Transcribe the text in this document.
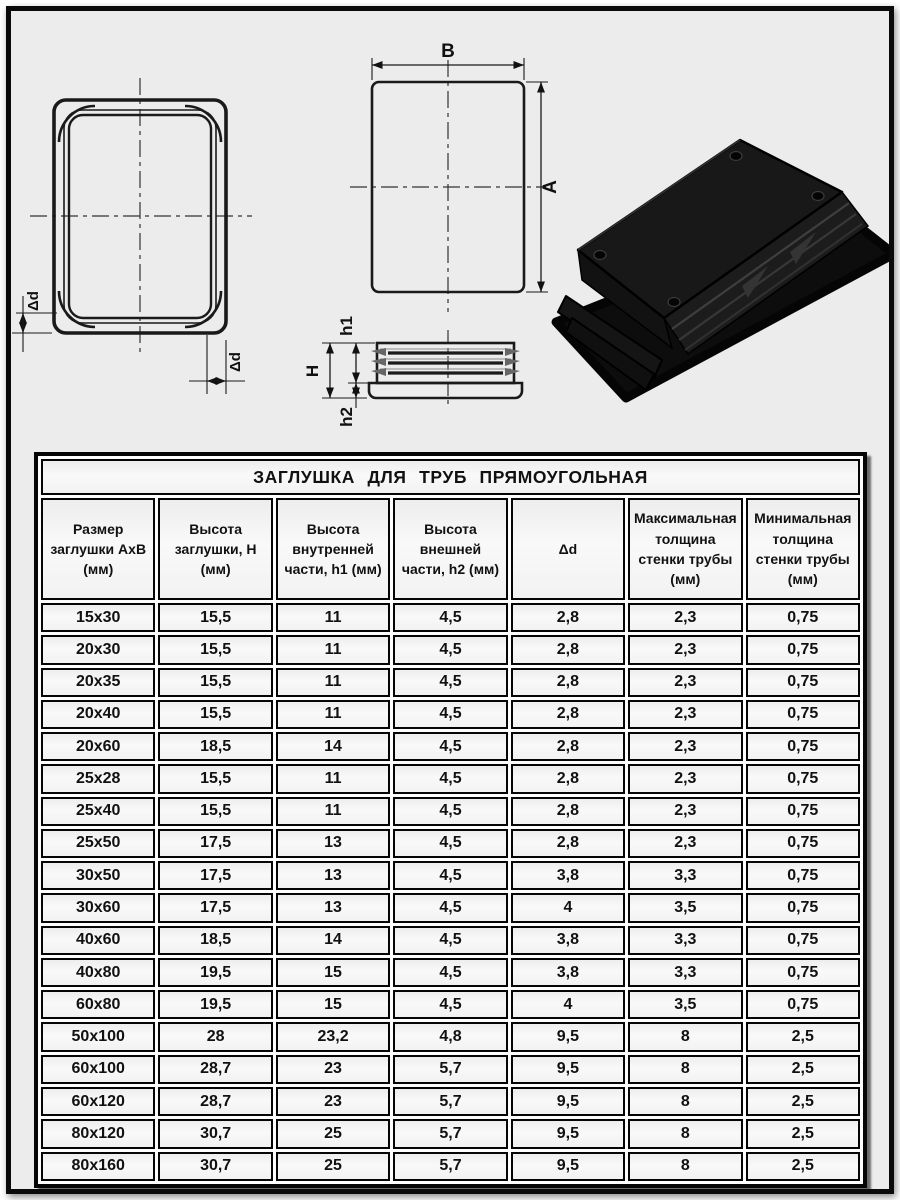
Δd
Δd
B
A
H
h1
h2
ЗАГЛУШКА ДЛЯ ТРУБ ПРЯМОУГОЛЬНАЯ						
Размер заглушки АхВ (мм)	Высота заглушки, Н (мм)	Высота внутренней части, h1 (мм)	Высота внешней части, h2 (мм)	Δd	Максимальная толщина стенки трубы (мм)	Минимальная толщина стенки трубы (мм)
15x30	15,5	11	4,5	2,8	2,3	0,75
20x30	15,5	11	4,5	2,8	2,3	0,75
20x35	15,5	11	4,5	2,8	2,3	0,75
20x40	15,5	11	4,5	2,8	2,3	0,75
20x60	18,5	14	4,5	2,8	2,3	0,75
25x28	15,5	11	4,5	2,8	2,3	0,75
25x40	15,5	11	4,5	2,8	2,3	0,75
25x50	17,5	13	4,5	2,8	2,3	0,75
30x50	17,5	13	4,5	3,8	3,3	0,75
30x60	17,5	13	4,5	4	3,5	0,75
40x60	18,5	14	4,5	3,8	3,3	0,75
40x80	19,5	15	4,5	3,8	3,3	0,75
60x80	19,5	15	4,5	4	3,5	0,75
50x100	28	23,2	4,8	9,5	8	2,5
60x100	28,7	23	5,7	9,5	8	2,5
60x120	28,7	23	5,7	9,5	8	2,5
80x120	30,7	25	5,7	9,5	8	2,5
80x160	30,7	25	5,7	9,5	8	2,5
